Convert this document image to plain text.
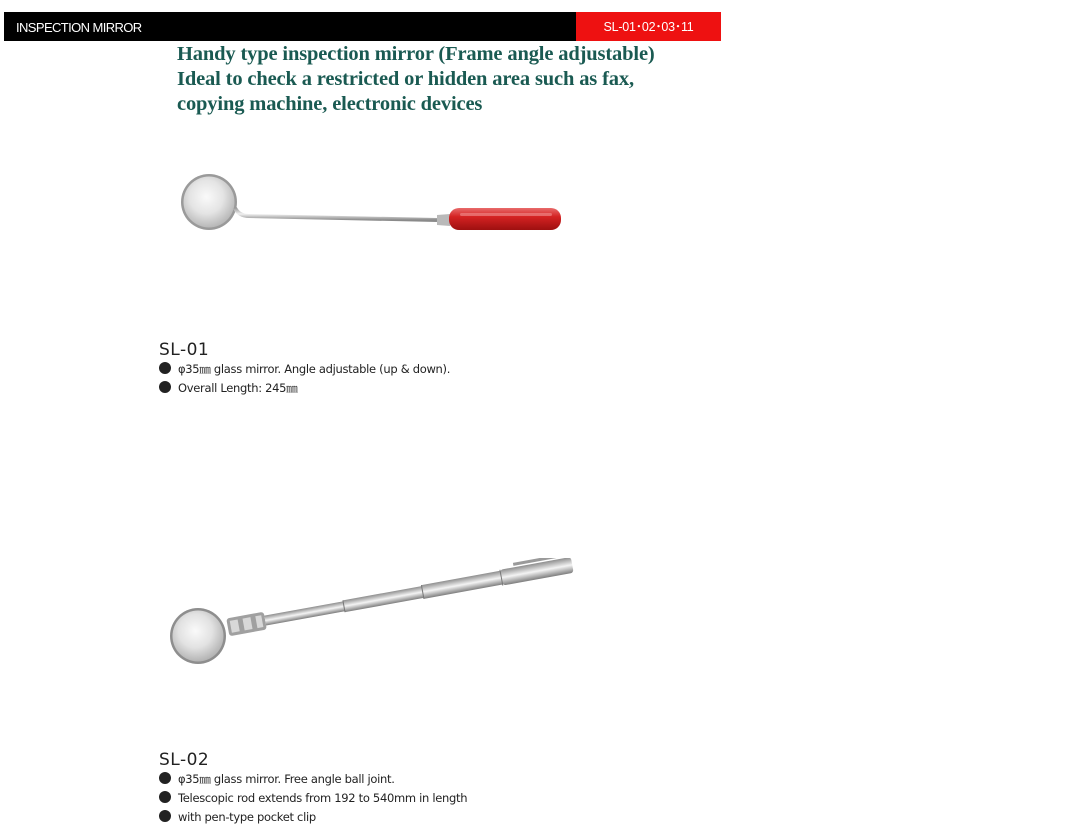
INSPECTION MIRROR	SL-01･02･03･11
Handy type inspection mirror (Frame angle adjustable)
Ideal to check a restricted or hidden area such as fax,
copying machine, electronic devices
SL-01
φ35㎜ glass mirror. Angle adjustable (up & down).
Overall Length: 245㎜
SL-02
φ35㎜ glass mirror. Free angle ball joint.
Telescopic rod extends from 192 to 540mm in length
with pen-type pocket clip
